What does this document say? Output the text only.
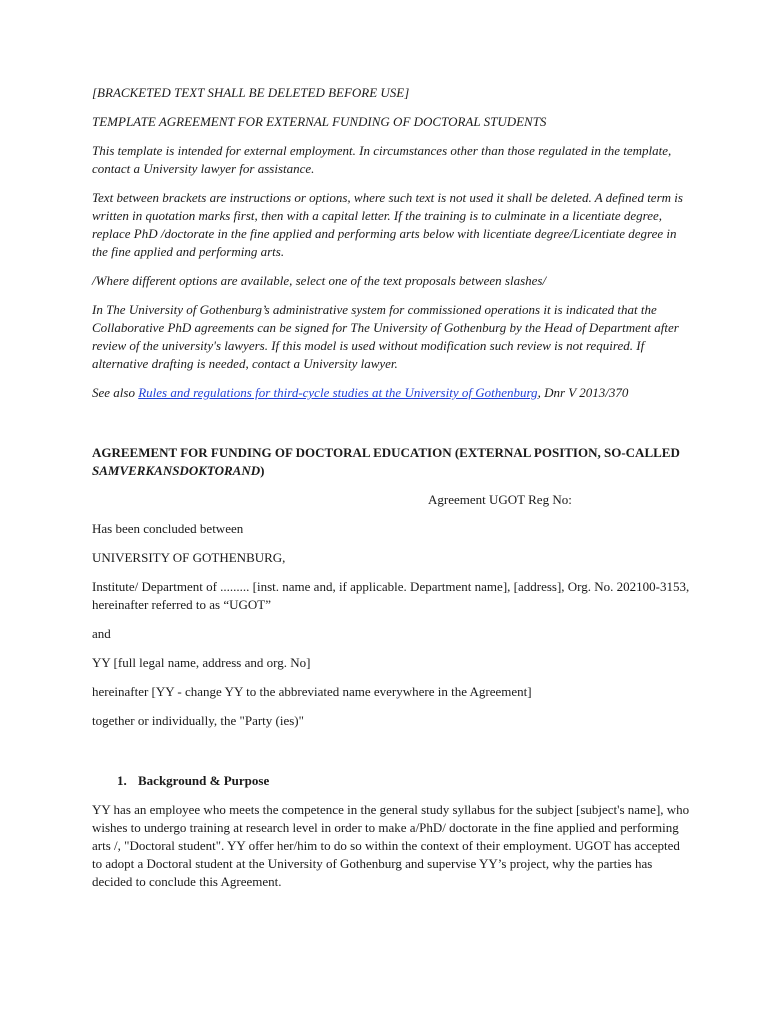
[BRACKETED TEXT SHALL BE DELETED BEFORE USE]

TEMPLATE AGREEMENT FOR EXTERNAL FUNDING OF DOCTORAL STUDENTS

This template is intended for external employment. In circumstances other than those regulated in the template, contact a University lawyer for assistance.

Text between brackets are instructions or options, where such text is not used it shall be deleted. A defined term is written in quotation marks first, then with a capital letter. If the training is to culminate in a licentiate degree, replace PhD /doctorate in the fine applied and performing arts below with licentiate degree/Licentiate degree in the fine applied and performing arts.

/Where different options are available, select one of the text proposals between slashes/

In The University of Gothenburg’s administrative system for commissioned operations it is indicated that the Collaborative PhD agreements can be signed for The University of Gothenburg by the Head of Department after review of the university's lawyers. If this model is used without modification such review is not required. If alternative drafting is needed, contact a University lawyer.

See also Rules and regulations for third-cycle studies at the University of Gothenburg, Dnr V 2013/370

AGREEMENT FOR FUNDING OF DOCTORAL EDUCATION (EXTERNAL POSITION, SO-CALLED SAMVERKANSDOKTORAND)

Agreement UGOT Reg No:

Has been concluded between

UNIVERSITY OF GOTHENBURG,

Institute/ Department of ......... [inst. name and, if applicable. Department name], [address], Org. No. 202100-3153, hereinafter referred to as “UGOT”

and

YY [full legal name, address and org. No]

hereinafter [YY - change YY to the abbreviated name everywhere in the Agreement]

together or individually, the "Party (ies)"

1. Background & Purpose

YY has an employee who meets the competence in the general study syllabus for the subject [subject's name], who wishes to undergo training at research level in order to make a/PhD/ doctorate in the fine applied and performing arts /, "Doctoral student". YY offer her/him to do so within the context of their employment. UGOT has accepted to adopt a Doctoral student at the University of Gothenburg and supervise YY’s project, why the parties has decided to conclude this Agreement.
